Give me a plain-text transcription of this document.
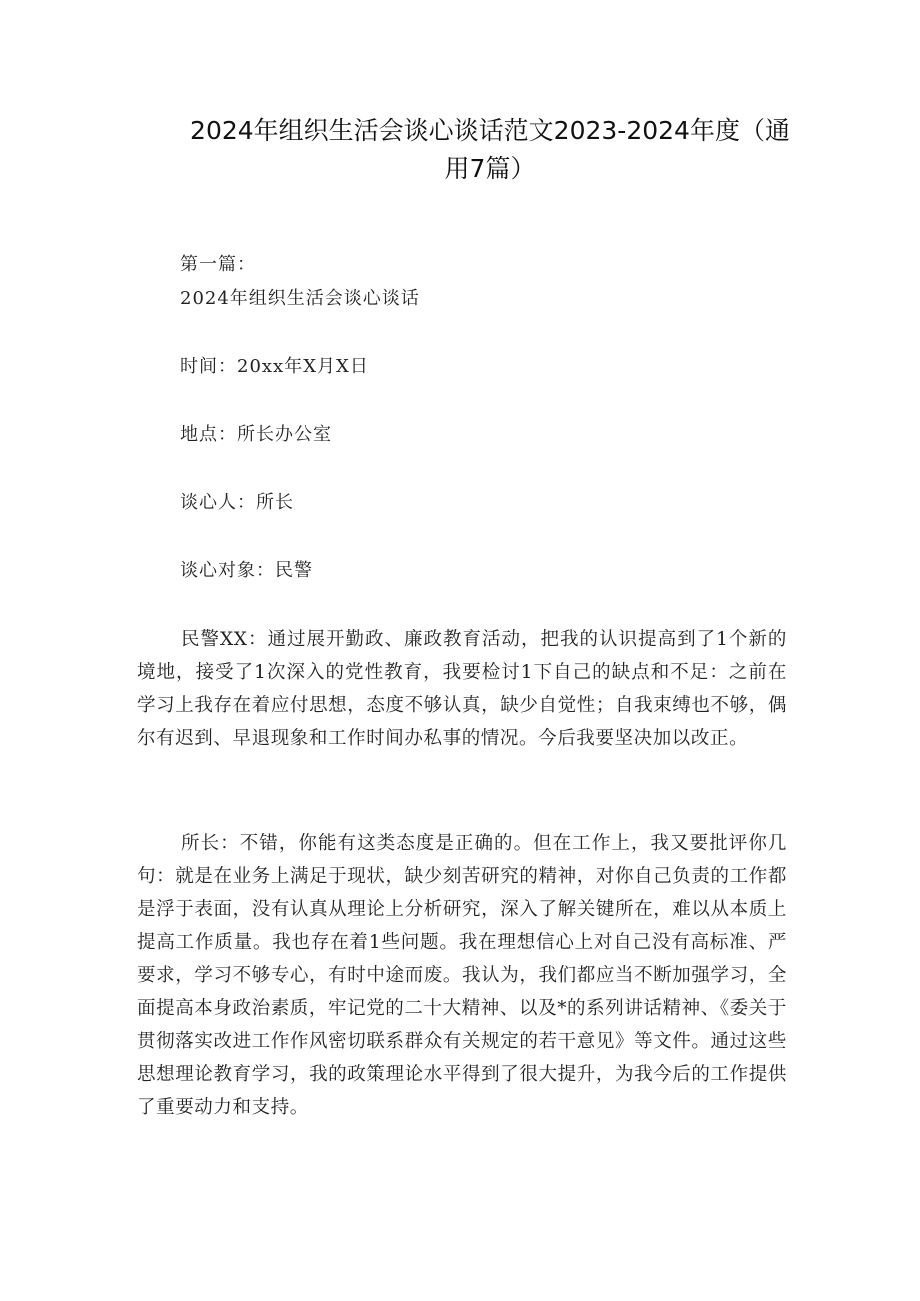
2024年组织生活会谈心谈话范文2023-2024年度（通用7篇）
第一篇：
2024年组织生活会谈心谈话
时间：20xx年X月X日
地点：所长办公室
谈心人：所长
谈心对象：民警

民警XX：通过展开勤政、廉政教育活动，把我的认识提高到了1个新的境地，接受了1次深入的党性教育，我要检讨1下自己的缺点和不足：之前在学习上我存在着应付思想，态度不够认真，缺少自觉性；自我束缚也不够，偶尔有迟到、早退现象和工作时间办私事的情况。今后我要坚决加以改正。

所长：不错，你能有这类态度是正确的。但在工作上，我又要批评你几句：就是在业务上满足于现状，缺少刻苦研究的精神，对你自己负责的工作都是浮于表面，没有认真从理论上分析研究，深入了解关键所在，难以从本质上提高工作质量。我也存在着1些问题。我在理想信心上对自己没有高标准、严要求，学习不够专心，有时中途而废。我认为，我们都应当不断加强学习，全面提高本身政治素质，牢记党的二十大精神、以及*的系列讲话精神、《委关于贯彻落实改进工作作风密切联系群众有关规定的若干意见》等文件。通过这些思想理论教育学习，我的政策理论水平得到了很大提升，为我今后的工作提供了重要动力和支持。
